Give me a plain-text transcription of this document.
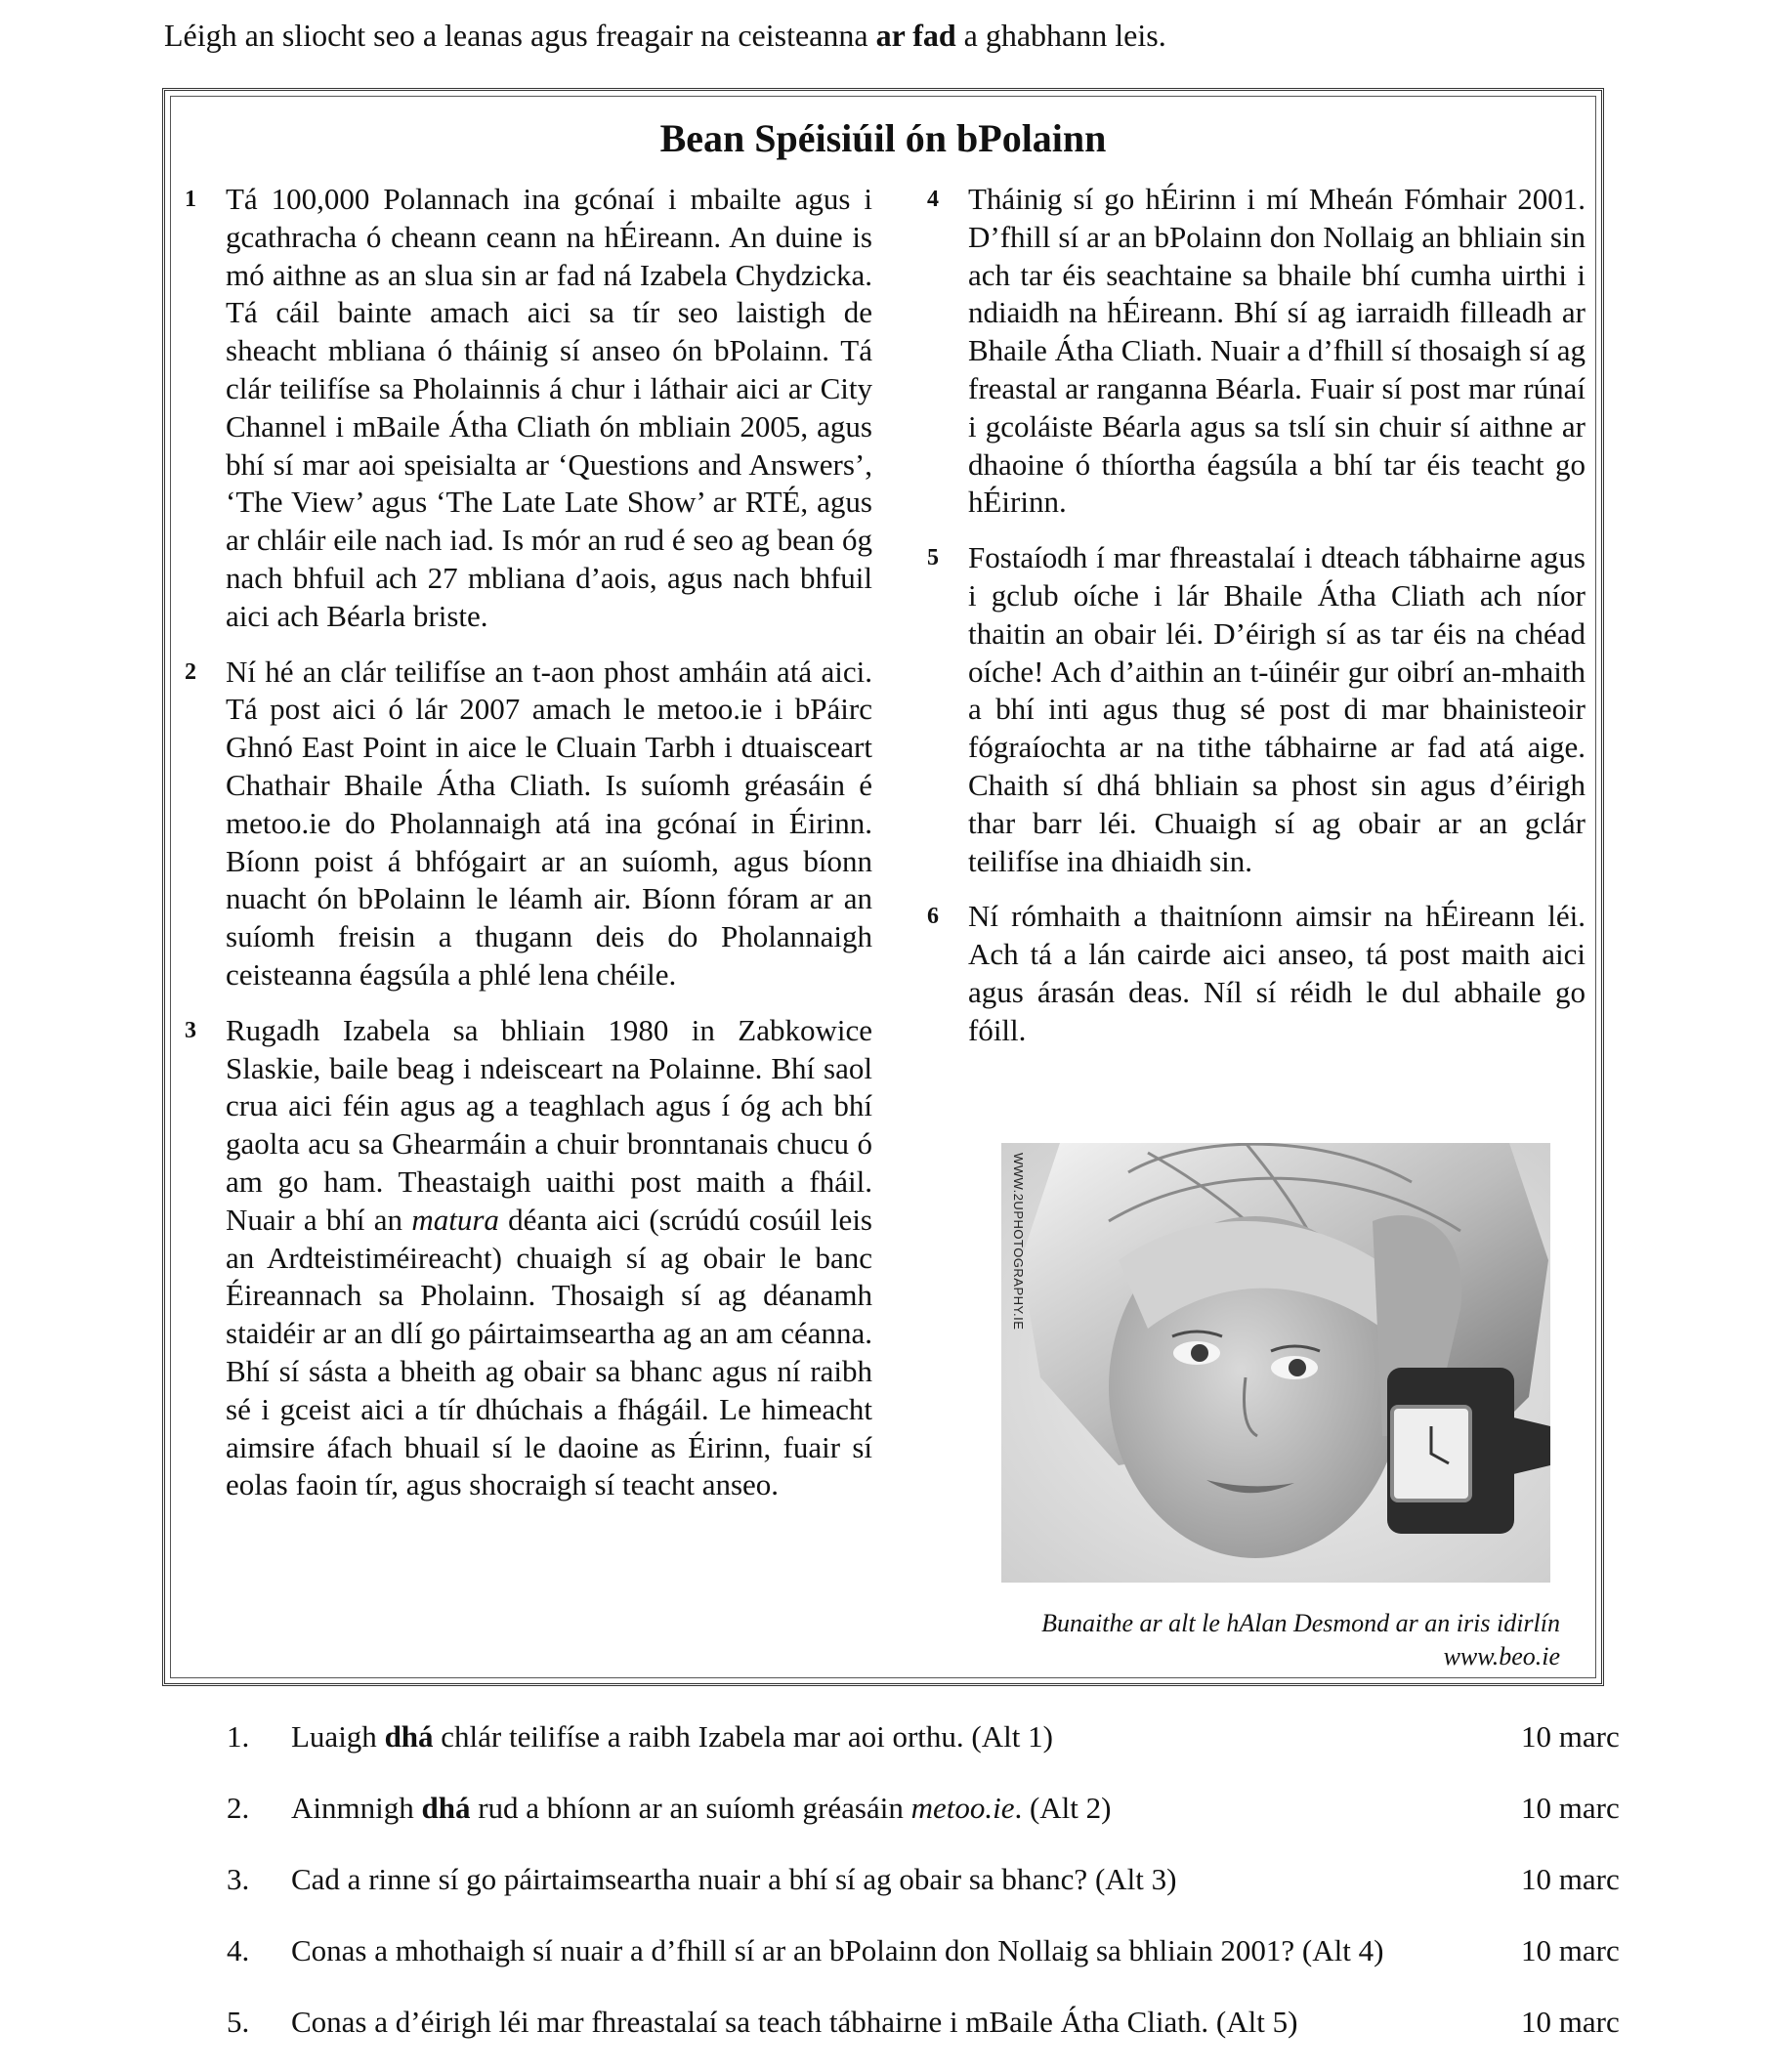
Léigh an sliocht seo a leanas agus freagair na ceisteanna ar fad a ghabhann leis.
Bean Spéisiúil ón bPolainn
1 Tá 100,000 Polannach ina gcónaí i mbailte agus i gcathracha ó cheann ceann na hÉireann. An duine is mó aithne as an slua sin ar fad ná Izabela Chydzicka. Tá cáil bainte amach aici sa tír seo laistigh de sheacht mbliana ó tháinig sí anseo ón bPolainn. Tá clár teilifíse sa Pholainnis á chur i láthair aici ar City Channel i mBaile Átha Cliath ón mbliain 2005, agus bhí sí mar aoi speisialta ar ‘Questions and Answers’, ‘The View’ agus ‘The Late Late Show’ ar RTÉ, agus ar chláir eile nach iad. Is mór an rud é seo ag bean óg nach bhfuil ach 27 mbliana d’aois, agus nach bhfuil aici ach Béarla briste.
2 Ní hé an clár teilifíse an t-aon phost amháin atá aici. Tá post aici ó lár 2007 amach le metoo.ie i bPáirc Ghnó East Point in aice le Cluain Tarbh i dtuaisceart Chathair Bhaile Átha Cliath. Is suíomh gréasáin é metoo.ie do Pholannaigh atá ina gcónaí in Éirinn. Bíonn poist á bhfógairt ar an suíomh, agus bíonn nuacht ón bPolainn le léamh air. Bíonn fóram ar an suíomh freisin a thugann deis do Pholannaigh ceisteanna éagsúla a phlé lena chéile.
3 Rugadh Izabela sa bhliain 1980 in Zabkowice Slaskie, baile beag i ndeisceart na Polainne. Bhí saol crua aici féin agus ag a teaghlach agus í óg ach bhí gaolta acu sa Ghearmáin a chuir bronntanais chucu ó am go ham. Theastaigh uaithi post maith a fháil. Nuair a bhí an matura déanta aici (scrúdú cosúil leis an Ardteistiméireacht) chuaigh sí ag obair le banc Éireannach sa Pholainn. Thosaigh sí ag déanamh staidéir ar an dlí go páirtaimseartha ag an am céanna. Bhí sí sásta a bheith ag obair sa bhanc agus ní raibh sé i gceist aici a tír dhúchais a fhágáil. Le himeacht aimsire áfach bhuail sí le daoine as Éirinn, fuair sí eolas faoin tír, agus shocraigh sí teacht anseo.
4 Tháinig sí go hÉirinn i mí Mheán Fómhair 2001. D’fhill sí ar an bPolainn don Nollaig an bhliain sin ach tar éis seachtaine sa bhaile bhí cumha uirthi i ndiaidh na hÉireann. Bhí sí ag iarraidh filleadh ar Bhaile Átha Cliath. Nuair a d’fhill sí thosaigh sí ag freastal ar ranganna Béarla. Fuair sí post mar rúnaí i gcoláiste Béarla agus sa tslí sin chuir sí aithne ar dhaoine ó thíortha éagsúla a bhí tar éis teacht go hÉirinn.
5 Fostaíodh í mar fhreastalaí i dteach tábhairne agus i gclub oíche i lár Bhaile Átha Cliath ach níor thaitin an obair léi. D’éirigh sí as tar éis na chéad oíche! Ach d’aithin an t-úinéir gur oibrí an-mhaith a bhí inti agus thug sé post di mar bhainisteoir fógraíochta ar na tithe tábhairne ar fad atá aige. Chaith sí dhá bhliain sa phost sin agus d’éirigh thar barr léi. Chuaigh sí ag obair ar an gclár teilifíse ina dhiaidh sin.
6 Ní rómhaith a thaitníonn aimsir na hÉireann léi. Ach tá a lán cairde aici anseo, tá post maith aici agus árasán deas. Níl sí réidh le dul abhaile go fóill.
WWW.2UPHOTOGRAPHY.IE
Bunaithe ar alt le hAlan Desmond ar an iris idirlín
www.beo.ie
1. Luaigh dhá chlár teilifíse a raibh Izabela mar aoi orthu. (Alt 1)	10 marc
2. Ainmnigh dhá rud a bhíonn ar an suíomh gréasáin metoo.ie. (Alt 2)	10 marc
3. Cad a rinne sí go páirtaimseartha nuair a bhí sí ag obair sa bhanc? (Alt 3)	10 marc
4. Conas a mhothaigh sí nuair a d’fhill sí ar an bPolainn don Nollaig sa bhliain 2001? (Alt 4)	10 marc
5. Conas a d’éirigh léi mar fhreastalaí sa teach tábhairne i mBaile Átha Cliath. (Alt 5)	10 marc
